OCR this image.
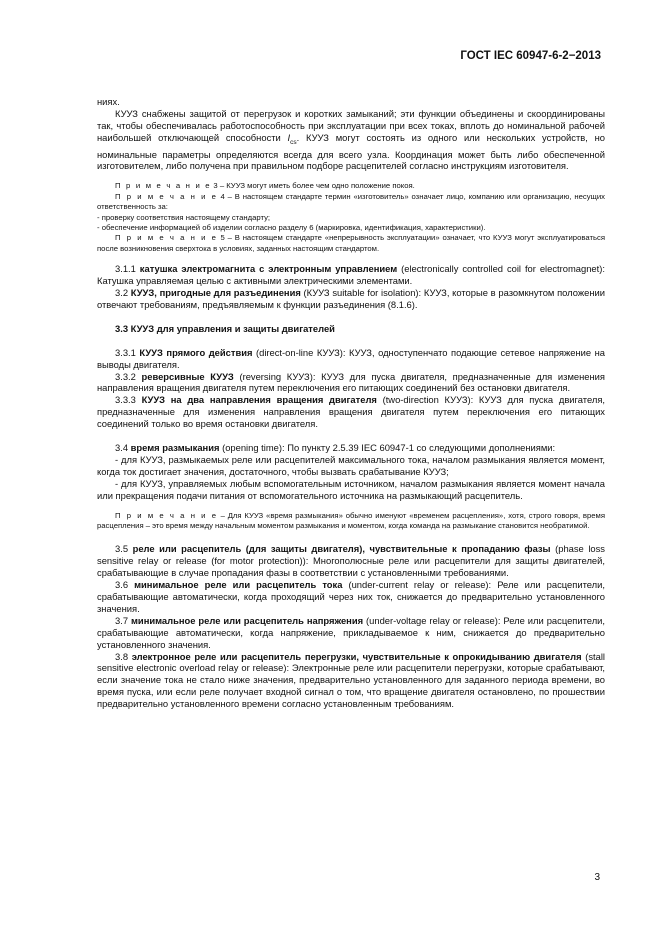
ГОСТ IEC 60947-6-2−2013

ниях.

КУУЗ снабжены защитой от перегрузок и коротких замыканий; эти функции объединены и скоординированы так, чтобы обеспечивалась работоспособность при эксплуатации при всех токах, вплоть до номинальной рабочей наибольшей отключающей способности $I_{cs}$. КУУЗ могут состоять из одного или нескольких устройств, но номинальные параметры определяются всегда для всего узла. Координация может быть либо обеспеченной изготовителем, либо получена при правильном подборе расцепителей согласно инструкциям изготовителя.

П р и м е ч а н и е 3 – КУУЗ могут иметь более чем одно положение покоя.

П р и м е ч а н и е 4 – В настоящем стандарте термин «изготовитель» означает лицо, компанию или организацию, несущих ответственность за:

- проверку соответствия настоящему стандарту;

- обеспечение информацией об изделии согласно разделу 6 (маркировка, идентификация, характеристики).

П р и м е ч а н и е 5 – В настоящем стандарте «непрерывность эксплуатации» означает, что КУУЗ могут эксплуатироваться после возникновения сверхтока в условиях, заданных настоящим стандартом.

3.1.1 катушка электромагнита с электронным управлением (electronically controlled coil for electromagnet): Катушка управляемая целью с активными электрическими элементами.

3.2 КУУЗ, пригодные для разъединения (КУУЗ suitable for isolation): КУУЗ, которые в разомкнутом положении отвечают требованиям, предъявляемым к функции разъединения (8.1.6).

3.3 КУУЗ для управления и защиты двигателей

3.3.1 КУУЗ прямого действия (direct-on-line КУУЗ): КУУЗ, одноступенчато подающие сетевое напряжение на выводы двигателя.

3.3.2 реверсивные КУУЗ (reversing КУУЗ): КУУЗ для пуска двигателя, предназначенные для изменения направления вращения двигателя путем переключения его питающих соединений без остановки двигателя.

3.3.3 КУУЗ на два направления вращения двигателя (two-direction КУУЗ): КУУЗ для пуска двигателя, предназначенные для изменения направления вращения двигателя путем переключения его питающих соединений только во время остановки двигателя.

3.4 время размыкания (opening time): По пункту 2.5.39 IEC 60947-1 со следующими дополнениями:

- для КУУЗ, размыкаемых реле или расцепителей максимального тока, началом размыкания является момент, когда ток достигает значения, достаточного, чтобы вызвать срабатывание КУУЗ;

- для КУУЗ, управляемых любым вспомогательным источником, началом размыкания является момент начала или прекращения подачи питания от вспомогательного источника на размыкающий расцепитель.

П р и м е ч а н и е – Для КУУЗ «время размыкания» обычно именуют «временем расцепления», хотя, строго говоря, время расцепления – это время между начальным моментом размыкания и моментом, когда команда на размыкание становится необратимой.

3.5 реле или расцепитель (для защиты двигателя), чувствительные к пропаданию фазы (phase loss sensitive relay or release (for motor protection)): Многополюсные реле или расцепители для защиты двигателей, срабатывающие в случае пропадания фазы в соответствии с установленными требованиями.

3.6 минимальное реле или расцепитель тока (under-current relay or release): Реле или расцепители, срабатывающие автоматически, когда проходящий через них ток, снижается до предварительно установленного значения.

3.7 минимальное реле или расцепитель напряжения (under-voltage relay or release): Реле или расцепители, срабатывающие автоматически, когда напряжение, прикладываемое к ним, снижается до предварительно установленного значения.

3.8 электронное реле или расцепитель перегрузки, чувствительные к опрокидыванию двигателя (stall sensitive electronic overload relay or release): Электронные реле или расцепители перегрузки, которые срабатывают, если значение тока не стало ниже значения, предварительно установленного для заданного периода времени, во время пуска, или если реле получает входной сигнал о том, что вращение двигателя остановлено, по прошествии предварительно установленного времени согласно установленным требованиям.

3
